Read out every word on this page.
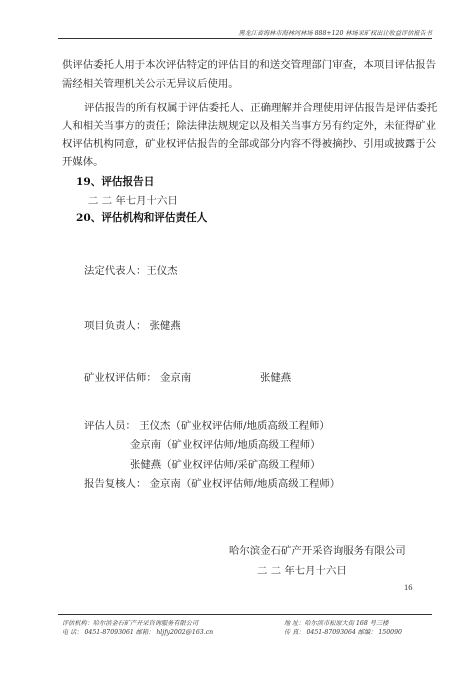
黑龙江省海林市海林河林场 888+120 林场采矿权出让收益评估报告书
供评估委托人用于本次评估特定的评估目的和送交管理部门审查，本项目评估报告
需经相关管理机关公示无异议后使用。
评估报告的所有权属于评估委托人、正确理解并合理使用评估报告是评估委托
人和相关当事方的责任；除法律法规规定以及相关当事方另有约定外，未征得矿业
权评估机构同意，矿业权评估报告的全部或部分内容不得被摘抄、引用或披露于公
开媒体。
19、评估报告日
二 二 年七月十六日
20、评估机构和评估责任人
法定代表人：王仪杰
项目负责人： 张健燕
矿业权评估师： 金京南	张健燕
评估人员： 王仪杰（矿业权评估师/地质高级工程师）
金京南（矿业权评估师/地质高级工程师）
张健燕（矿业权评估师/采矿高级工程师）
报告复核人： 金京南（矿业权评估师/地质高级工程师）
哈尔滨金石矿产开采咨询服务有限公司
二 二 年七月十六日
16
评估机构：哈尔滨金石矿产开采咨询服务有限公司	地 址：哈尔滨市松原大街 168 号三楼
电 话： 0451-87093061 邮箱： hljfy2002@163.cn	传 真： 0451-87093064 邮编： 150090
